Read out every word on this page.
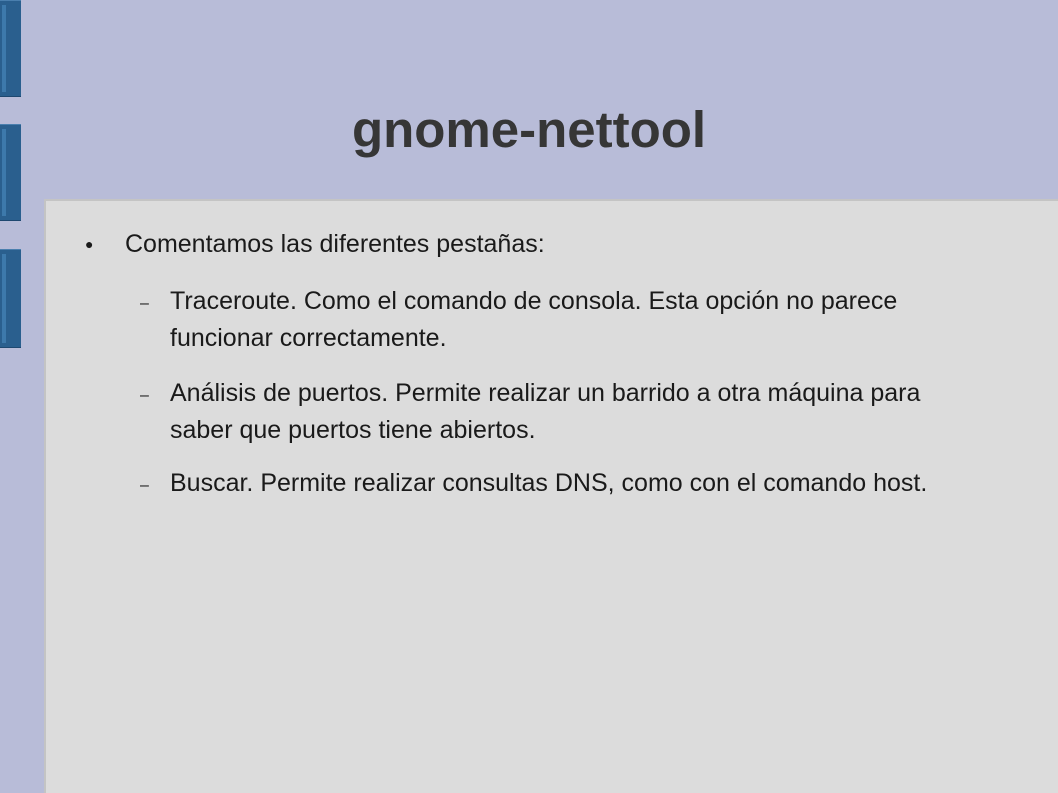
gnome-nettool
● Comentamos las diferentes pestañas:
– Traceroute. Como el comando de consola. Esta opción no parece funcionar correctamente.
– Análisis de puertos. Permite realizar un barrido a otra máquina para saber que puertos tiene abiertos.
– Buscar. Permite realizar consultas DNS, como con el comando host.
